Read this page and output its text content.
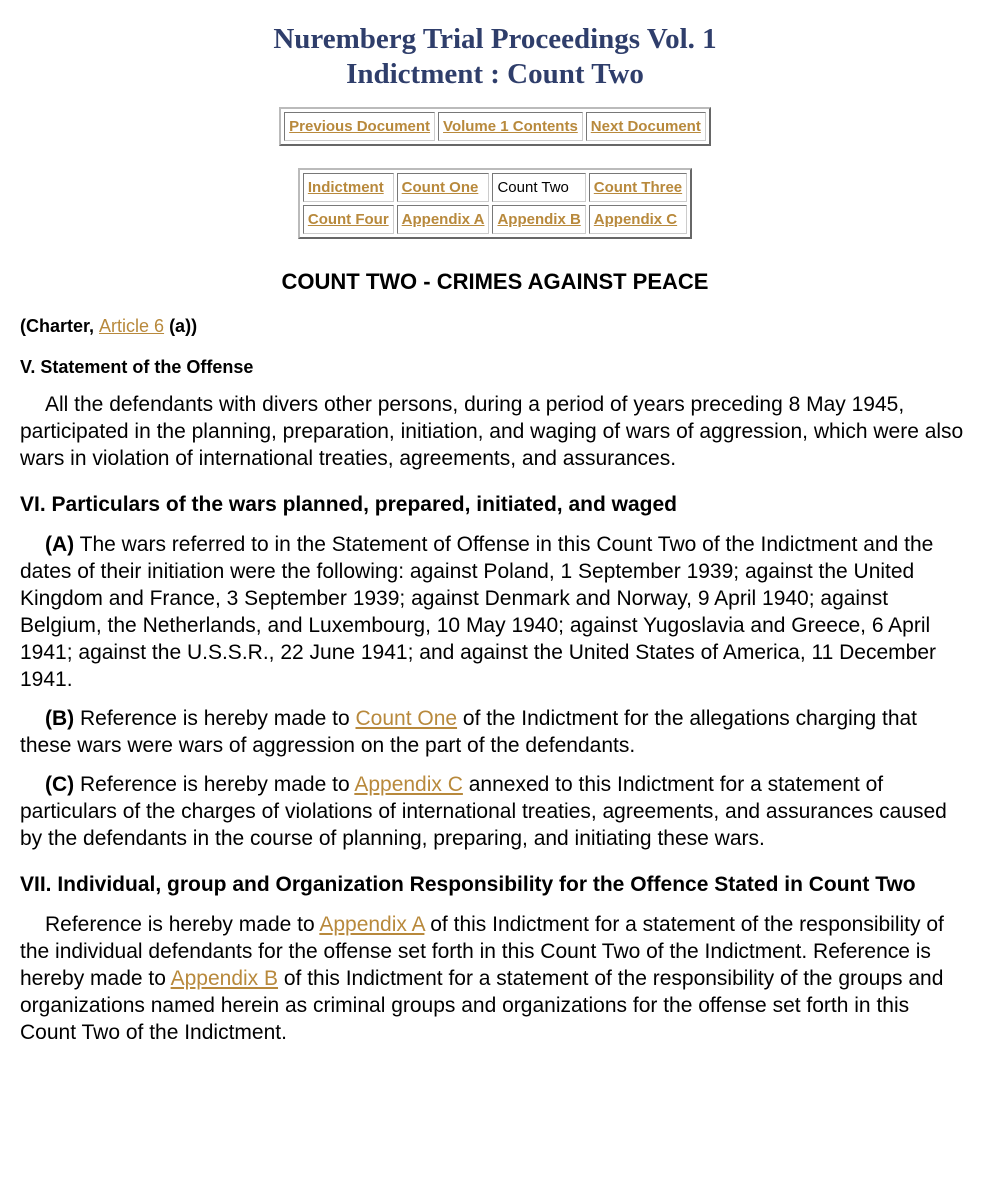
Nuremberg Trial Proceedings Vol. 1
Indictment : Count Two
Previous Document	Volume 1 Contents	Next Document
Indictment	Count One	Count Two	Count Three
Count Four	Appendix A	Appendix B	Appendix C
COUNT TWO - CRIMES AGAINST PEACE

(Charter, Article 6 (a))

V. Statement of the Offense

All the defendants with divers other persons, during a period of years preceding 8 May 1945, participated in the planning, preparation, initiation, and waging of wars of aggression, which were also wars in violation of international treaties, agreements, and assurances.

VI. Particulars of the wars planned, prepared, initiated, and waged

(A) The wars referred to in the Statement of Offense in this Count Two of the Indictment and the dates of their initiation were the following: against Poland, 1 September 1939; against the United Kingdom and France, 3 September 1939; against Denmark and Norway, 9 April 1940; against Belgium, the Netherlands, and Luxembourg, 10 May 1940; against Yugoslavia and Greece, 6 April 1941; against the U.S.S.R., 22 June 1941; and against the United States of America, 11 December 1941.

(B) Reference is hereby made to Count One of the Indictment for the allegations charging that these wars were wars of aggression on the part of the defendants.

(C) Reference is hereby made to Appendix C annexed to this Indictment for a statement of particulars of the charges of violations of international treaties, agreements, and assurances caused by the defendants in the course of planning, preparing, and initiating these wars.

VII. Individual, group and Organization Responsibility for the Offence Stated in Count Two

Reference is hereby made to Appendix A of this Indictment for a statement of the responsibility of the individual defendants for the offense set forth in this Count Two of the Indictment. Reference is hereby made to Appendix B of this Indictment for a statement of the responsibility of the groups and organizations named herein as criminal groups and organizations for the offense set forth in this Count Two of the Indictment.
